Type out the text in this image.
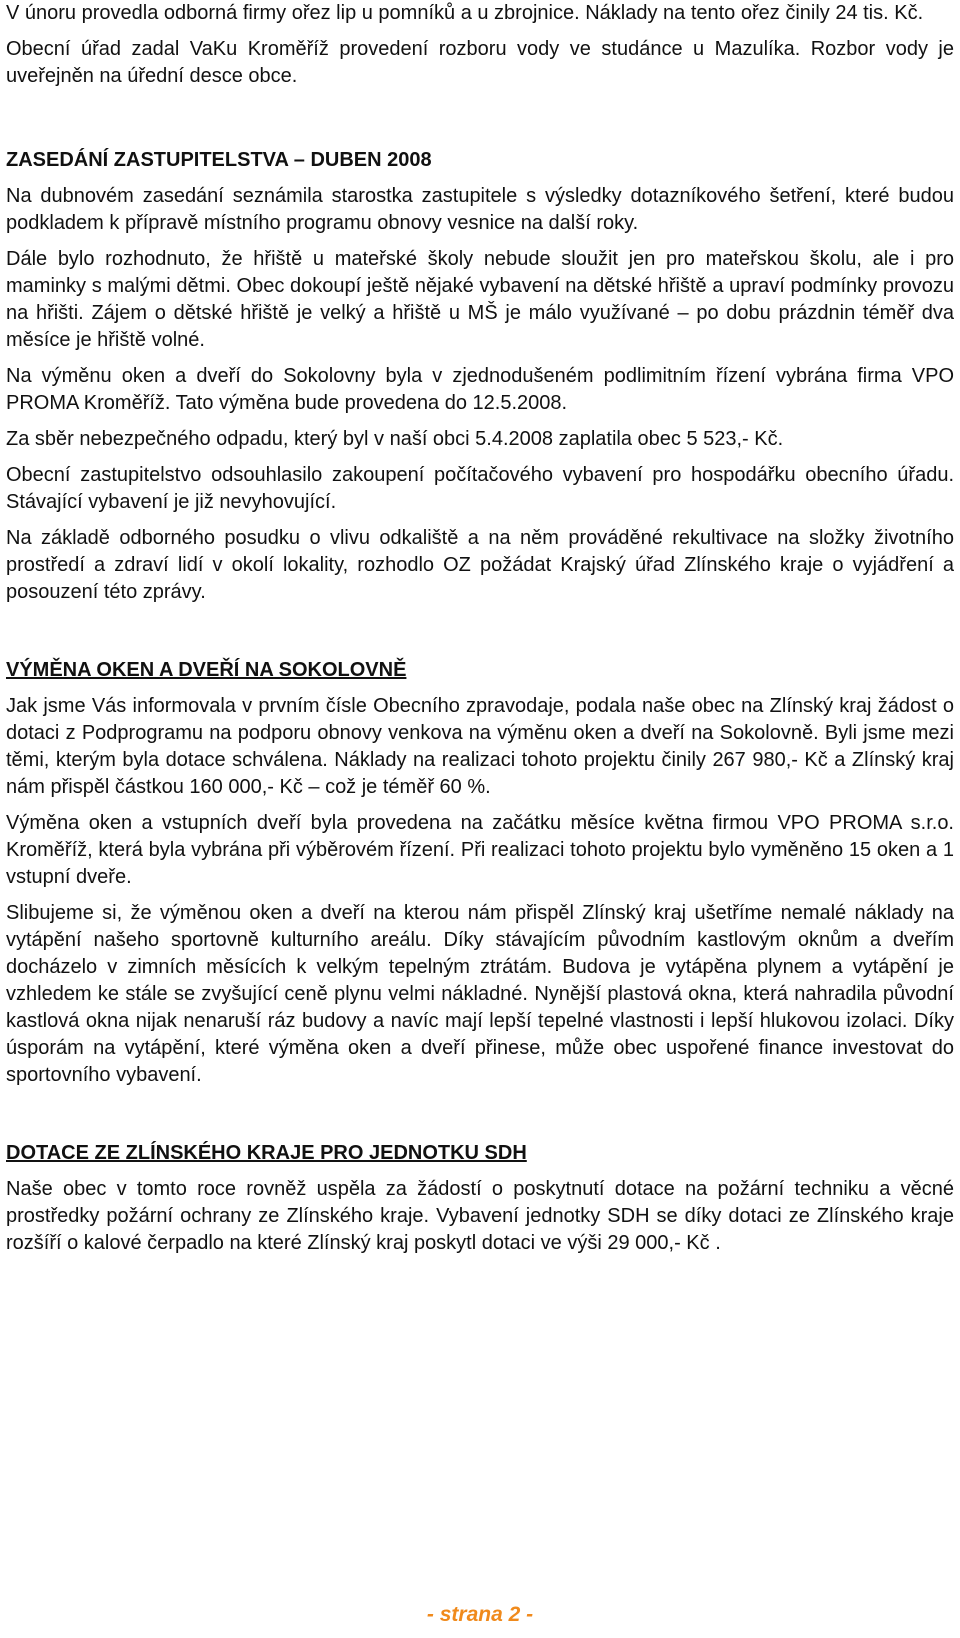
V únoru provedla odborná firmy ořez lip u pomníků a u zbrojnice. Náklady na tento ořez činily 24 tis. Kč.

Obecní úřad zadal VaKu Kroměříž provedení rozboru vody ve studánce u Mazulíka. Rozbor vody je uveřejněn na úřední desce obce.

ZASEDÁNÍ ZASTUPITELSTVA – DUBEN 2008

Na dubnovém zasedání seznámila starostka zastupitele s výsledky dotazníkového šetření, které budou podkladem k přípravě místního programu obnovy vesnice na další roky.

Dále bylo rozhodnuto, že hřiště u mateřské školy nebude sloužit jen pro mateřskou školu, ale i pro maminky s malými dětmi. Obec dokoupí ještě nějaké vybavení na dětské hřiště a upraví podmínky provozu na hřišti. Zájem o dětské hřiště je velký a hřiště u MŠ je málo využívané – po dobu prázdnin téměř dva měsíce je hřiště volné.

Na výměnu oken a dveří do Sokolovny byla v zjednodušeném podlimitním řízení vybrána firma VPO PROMA Kroměříž. Tato výměna bude provedena do 12.5.2008.

Za sběr nebezpečného odpadu, který byl v naší obci 5.4.2008 zaplatila obec 5 523,- Kč.

Obecní zastupitelstvo odsouhlasilo zakoupení počítačového vybavení pro hospodářku obecního úřadu. Stávající vybavení je již nevyhovující.

Na základě odborného posudku o vlivu odkaliště a na něm prováděné rekultivace na složky životního prostředí a zdraví lidí v okolí lokality, rozhodlo OZ požádat Krajský úřad Zlínského kraje o vyjádření a posouzení této zprávy.

VÝMĚNA OKEN A DVEŘÍ NA SOKOLOVNĚ

Jak jsme Vás informovala v prvním čísle Obecního zpravodaje, podala naše obec na Zlínský kraj žádost o dotaci z Podprogramu na podporu obnovy venkova na výměnu oken a dveří na Sokolovně. Byli jsme mezi těmi, kterým byla dotace schválena. Náklady na realizaci tohoto projektu činily 267 980,- Kč a Zlínský kraj nám přispěl částkou 160 000,- Kč – což je téměř 60 %.

Výměna oken a vstupních dveří byla provedena na začátku měsíce května firmou VPO PROMA s.r.o. Kroměříž, která byla vybrána při výběrovém řízení. Při realizaci tohoto projektu bylo vyměněno 15 oken a 1 vstupní dveře.

Slibujeme si, že výměnou oken a dveří na kterou nám přispěl Zlínský kraj ušetříme nemalé náklady na vytápění našeho sportovně kulturního areálu. Díky stávajícím původním kastlovým oknům a dveřím docházelo v zimních měsících k velkým tepelným ztrátám. Budova je vytápěna plynem a vytápění je vzhledem ke stále se zvyšující ceně plynu velmi nákladné. Nynější plastová okna, která nahradila původní kastlová okna nijak nenaruší ráz budovy a navíc mají lepší tepelné vlastnosti i lepší hlukovou izolaci. Díky úsporám na vytápění, které výměna oken a dveří přinese, může obec uspořené finance investovat do sportovního vybavení.

DOTACE ZE ZLÍNSKÉHO KRAJE PRO JEDNOTKU SDH

Naše obec v tomto roce rovněž uspěla za žádostí o poskytnutí dotace na požární techniku a věcné prostředky požární ochrany ze Zlínského kraje. Vybavení jednotky SDH se díky dotaci ze Zlínského kraje rozšíří o kalové čerpadlo na které Zlínský kraj poskytl dotaci ve výši 29 000,- Kč .

- strana 2 -
